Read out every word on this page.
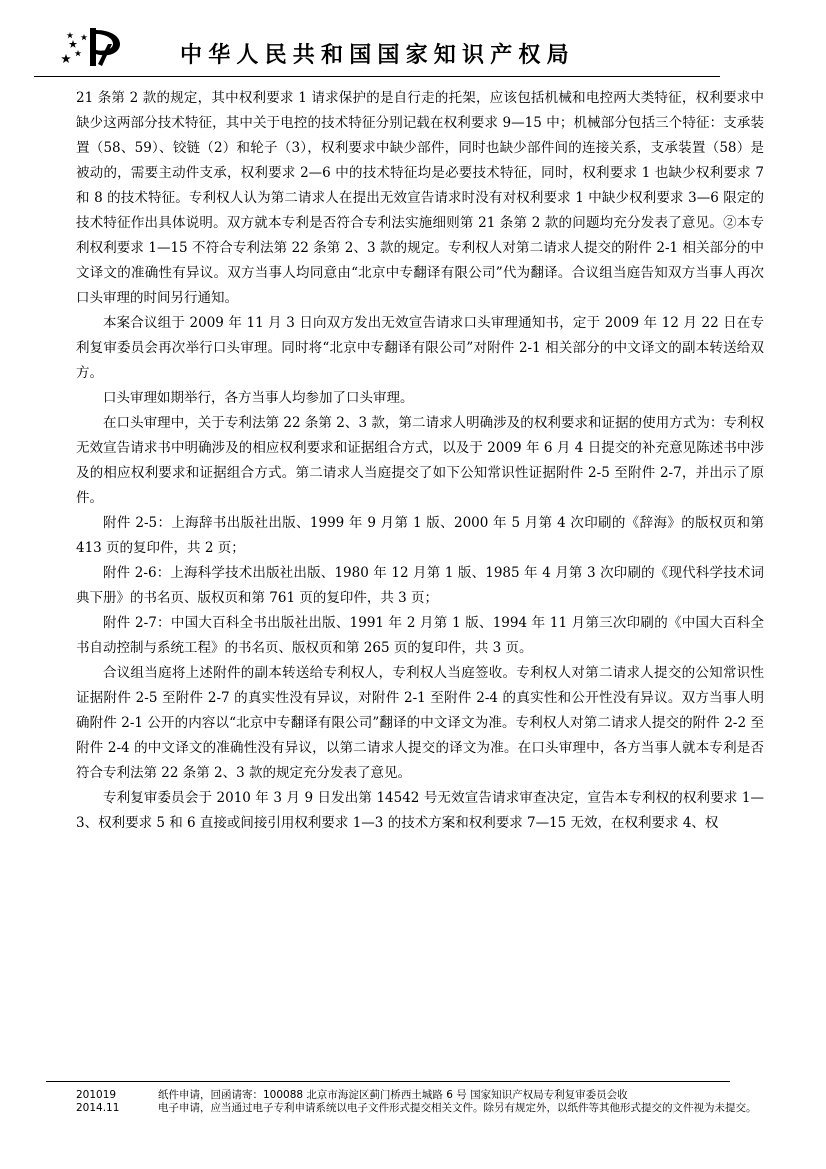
中华人民共和国国家知识产权局

21 条第 2 款的规定，其中权利要求 1 请求保护的是自行走的托架，应该包括机械和电控两大类特征，权利要求中缺少这两部分技术特征，其中关于电控的技术特征分别记载在权利要求 9—15 中；机械部分包括三个特征：支承装置（58、59）、铰链（2）和轮子（3），权利要求中缺少部件，同时也缺少部件间的连接关系，支承装置（58）是被动的，需要主动件支承，权利要求 2—6 中的技术特征均是必要技术特征，同时，权利要求 1 也缺少权利要求 7 和 8 的技术特征。专利权人认为第二请求人在提出无效宣告请求时没有对权利要求 1 中缺少权利要求 3—6 限定的技术特征作出具体说明。双方就本专利是否符合专利法实施细则第 21 条第 2 款的问题均充分发表了意见。②本专利权利要求 1—15 不符合专利法第 22 条第 2、3 款的规定。专利权人对第二请求人提交的附件 2-1 相关部分的中文译文的准确性有异议。双方当事人均同意由“北京中专翻译有限公司”代为翻译。合议组当庭告知双方当事人再次口头审理的时间另行通知。

本案合议组于 2009 年 11 月 3 日向双方发出无效宣告请求口头审理通知书，定于 2009 年 12 月 22 日在专利复审委员会再次举行口头审理。同时将“北京中专翻译有限公司”对附件 2-1 相关部分的中文译文的副本转送给双方。

口头审理如期举行，各方当事人均参加了口头审理。

在口头审理中，关于专利法第 22 条第 2、3 款，第二请求人明确涉及的权利要求和证据的使用方式为：专利权无效宣告请求书中明确涉及的相应权利要求和证据组合方式，以及于 2009 年 6 月 4 日提交的补充意见陈述书中涉及的相应权利要求和证据组合方式。第二请求人当庭提交了如下公知常识性证据附件 2-5 至附件 2-7，并出示了原件。

附件 2-5：上海辞书出版社出版、1999 年 9 月第 1 版、2000 年 5 月第 4 次印刷的《辞海》的版权页和第 413 页的复印件，共 2 页；

附件 2-6：上海科学技术出版社出版、1980 年 12 月第 1 版、1985 年 4 月第 3 次印刷的《现代科学技术词典下册》的书名页、版权页和第 761 页的复印件，共 3 页；

附件 2-7：中国大百科全书出版社出版、1991 年 2 月第 1 版、1994 年 11 月第三次印刷的《中国大百科全书自动控制与系统工程》的书名页、版权页和第 265 页的复印件，共 3 页。

合议组当庭将上述附件的副本转送给专利权人，专利权人当庭签收。专利权人对第二请求人提交的公知常识性证据附件 2-5 至附件 2-7 的真实性没有异议，对附件 2-1 至附件 2-4 的真实性和公开性没有异议。双方当事人明确附件 2-1 公开的内容以“北京中专翻译有限公司”翻译的中文译文为准。专利权人对第二请求人提交的附件 2-2 至附件 2-4 的中文译文的准确性没有异议，以第二请求人提交的译文为准。在口头审理中，各方当事人就本专利是否符合专利法第 22 条第 2、3 款的规定充分发表了意见。

专利复审委员会于 2010 年 3 月 9 日发出第 14542 号无效宣告请求审查决定，宣告本专利权的权利要求 1—3、权利要求 5 和 6 直接或间接引用权利要求 1—3 的技术方案和权利要求 7—15 无效，在权利要求 4、权

201019	纸件申请，回函请寄：100088 北京市海淀区蓟门桥西土城路 6 号 国家知识产权局专利复审委员会收
2014.11	电子申请，应当通过电子专利申请系统以电子文件形式提交相关文件。除另有规定外，以纸件等其他形式提交的文件视为未提交。
